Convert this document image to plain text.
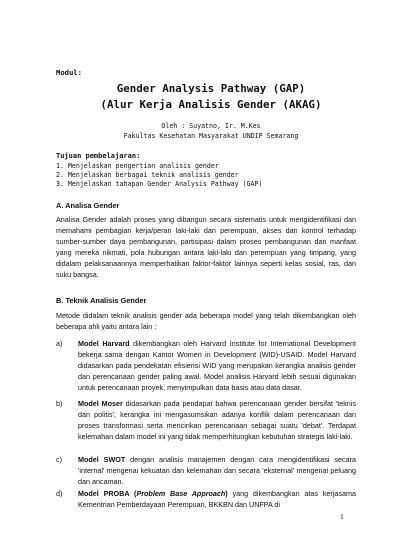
Modul:
Gender Analysis Pathway (GAP)
(Alur Kerja Analisis Gender (AKAG)
Oleh : Suyatno, Ir. M.Kes
Fakultas Kesehatan Masyarakat UNDIP Semarang
Tujuan pembelajaran:
1. Menjelaskan pengertian analisis gender
2. Menjelaskan berbagai teknik analisis gender
3. Menjelaskan tahapan Gender Analysis Pathway (GAP)
A. Analisa Gender
Analisa Gender adalah proses yang dibangun secara sistematis untuk mengidentifikasi dan memahami pembagian kerja/peran laki-laki dan perempuan, akses dan kontrol terhadap sumber-sumber daya pembangunan, partisipasi dalam proses pembangunan dan manfaat yang mereka nikmati, pola hubungan antara laki-laki dan perempuan yang timpang, yang didalam pelaksanaannya memperhatikan faktor-faktor lainnya seperti kelas sosial, ras, dan suku bangsa.
B. Teknik Analisis Gender
Metode didalam teknik analisis gender ada beberapa model yang telah dikembangkan oleh beberapa ahli yaitu antara lain :
a) Model Harvard dikembangkan oleh Harvard Institute for International Development bekerja sama dengan Kantor Women in Development (WID)-USAID. Model Harvard didasarkan pada pendekatan efisiensi WID yang merupakan kerangka analisis gender dan perencanaan gender paling awal. Model analisis Harvard lebih sesuai digunakan untuk perencanaan proyek, menyimpulkan data basis atau data dasar.
b) Model Moser didasarkan pada pendapat bahwa perencanaan gender bersifat 'teknis dan politis', kerangka ini mengasumsikan adanya konflik dalam perencanaan dan proses transformasi serta mencirikan perencanaan sebagai suatu 'debat'. Terdapat kelemahan dalam model ini yang tidak memperhitungkan kebutuhan strategis laki-laki.
c) Model SWOT dengan analisis manajemen dengan cara mengidentifikasi secara 'internal' mengenai kekuatan dan kelemahan dan secara 'eksternal' mengenai peluang dan ancaman.
d) Model PROBA (Problem Base Approach) yang dikembangkan atas kerjasama Kementrian Pemberdayaan Perempuan, BKKBN dan UNFPA di
1
